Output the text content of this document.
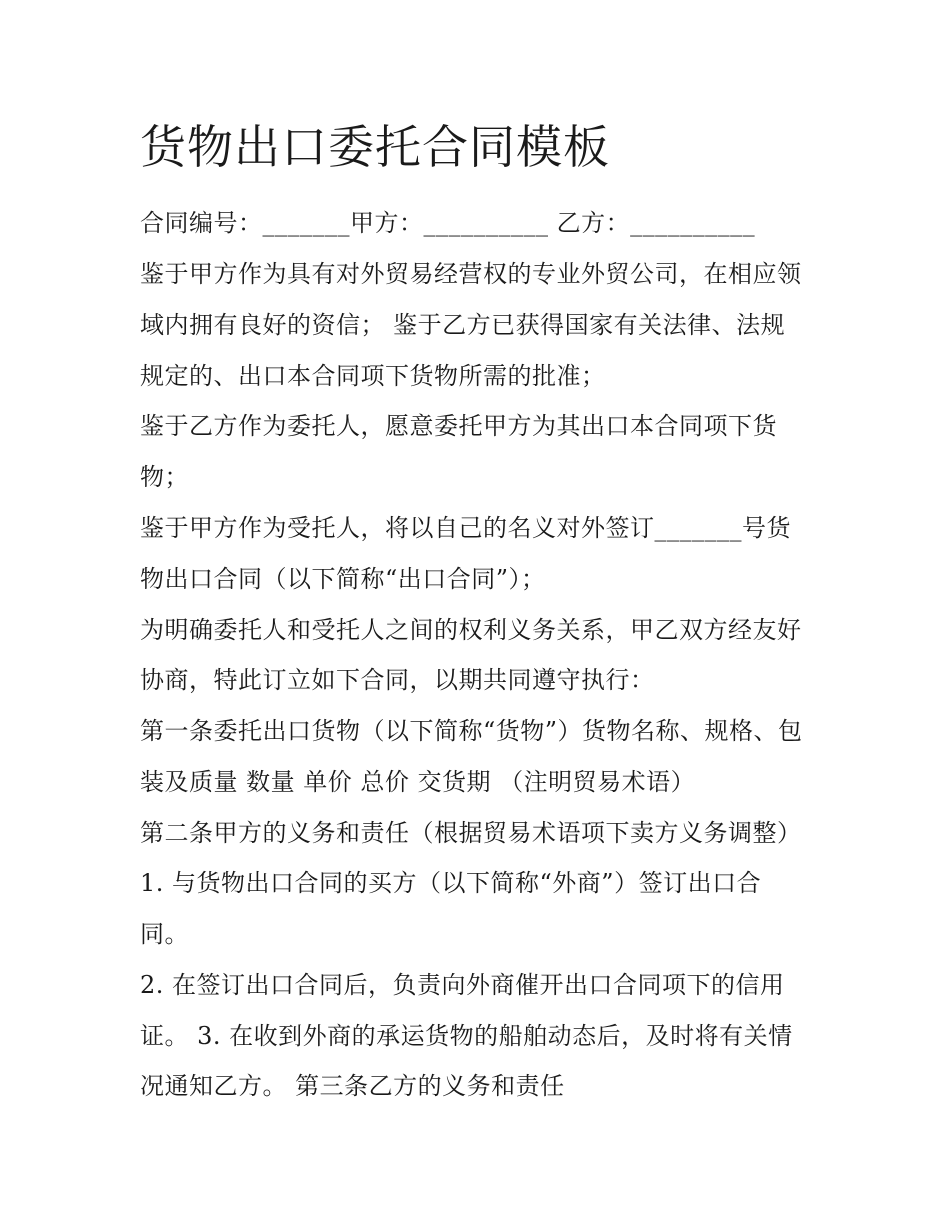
货物出口委托合同模板
合同编号：_______甲方：__________ 乙方：__________
鉴于甲方作为具有对外贸易经营权的专业外贸公司，在相应领
域内拥有良好的资信； 鉴于乙方已获得国家有关法律、法规
规定的、出口本合同项下货物所需的批准；
鉴于乙方作为委托人，愿意委托甲方为其出口本合同项下货
物；
鉴于甲方作为受托人，将以自己的名义对外签订_______号货
物出口合同（以下简称“出口合同”）；
为明确委托人和受托人之间的权利义务关系，甲乙双方经友好
协商，特此订立如下合同，以期共同遵守执行：
第一条委托出口货物（以下简称“货物”）货物名称、规格、包
装及质量 数量 单价 总价 交货期 （注明贸易术语）
第二条甲方的义务和责任（根据贸易术语项下卖方义务调整）
1. 与货物出口合同的买方（以下简称“外商”）签订出口合
同。
2. 在签订出口合同后，负责向外商催开出口合同项下的信用
证。 3. 在收到外商的承运货物的船舶动态后，及时将有关情
况通知乙方。 第三条乙方的义务和责任
